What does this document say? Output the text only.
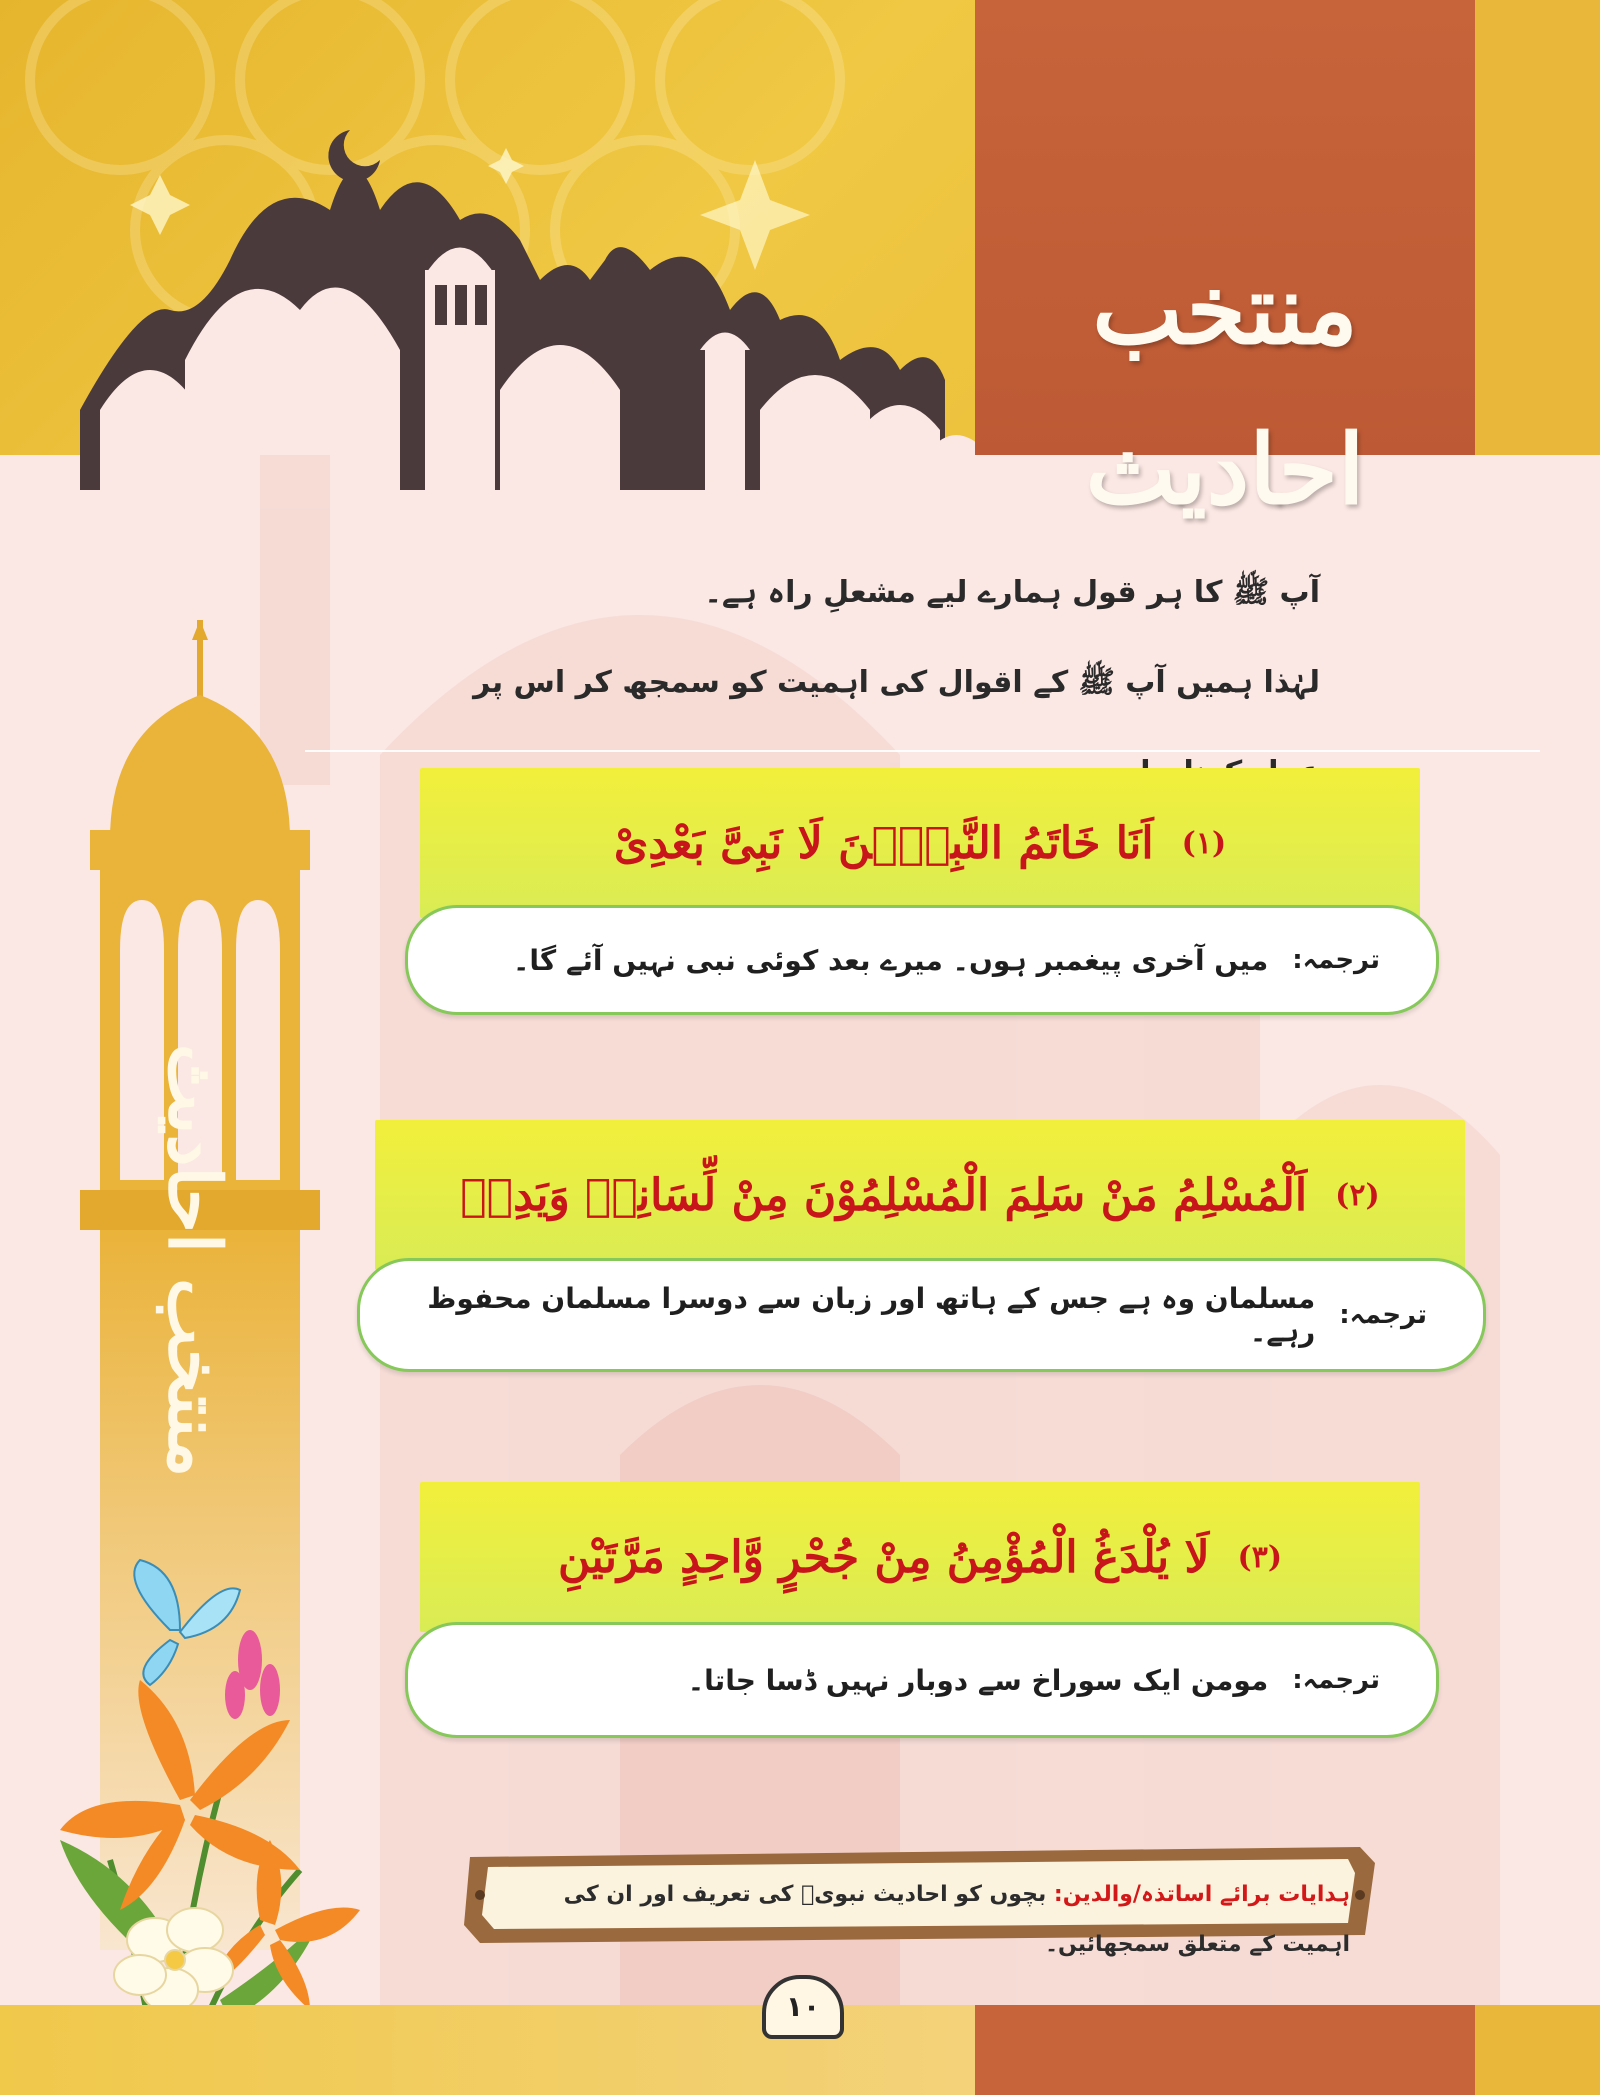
منتخب احادیث
منتخب احادیث

آپ ﷺ کا ہر قول ہمارے لیے مشعلِ راہ ہے۔

لہٰذا ہمیں آپ ﷺ کے اقوال کی اہمیت کو سمجھ کر اس پر

(۱)
اَنَا خَاتَمُ النَّبِیّٖنَ لَا نَبِیَّ بَعْدِیْ
ترجمہ:
میں آخری پیغمبر ہوں۔ میرے بعد کوئی نبی نہیں آئے گا۔
(۲)
اَلْمُسْلِمُ مَنْ سَلِمَ الْمُسْلِمُوْنَ مِنْ لِّسَانِهٖ وَيَدِهٖ
ترجمہ:
مسلمان وہ ہے جس کے ہاتھ اور زبان سے دوسرا مسلمان محفوظ رہے۔
(۳)
لَا يُلْدَغُ الْمُؤْمِنُ مِنْ جُحْرٍ وَّاحِدٍ مَرَّتَيْنِ
ترجمہ:
مومن ایک سوراخ سے دوبار نہیں ڈسا جاتا۔
ہدایات برائے اساتذہ/والدین: بچوں کو احادیث نبویؐ کی تعریف اور ان کی اہمیت کے متعلق سمجھائیں۔
۱۰
